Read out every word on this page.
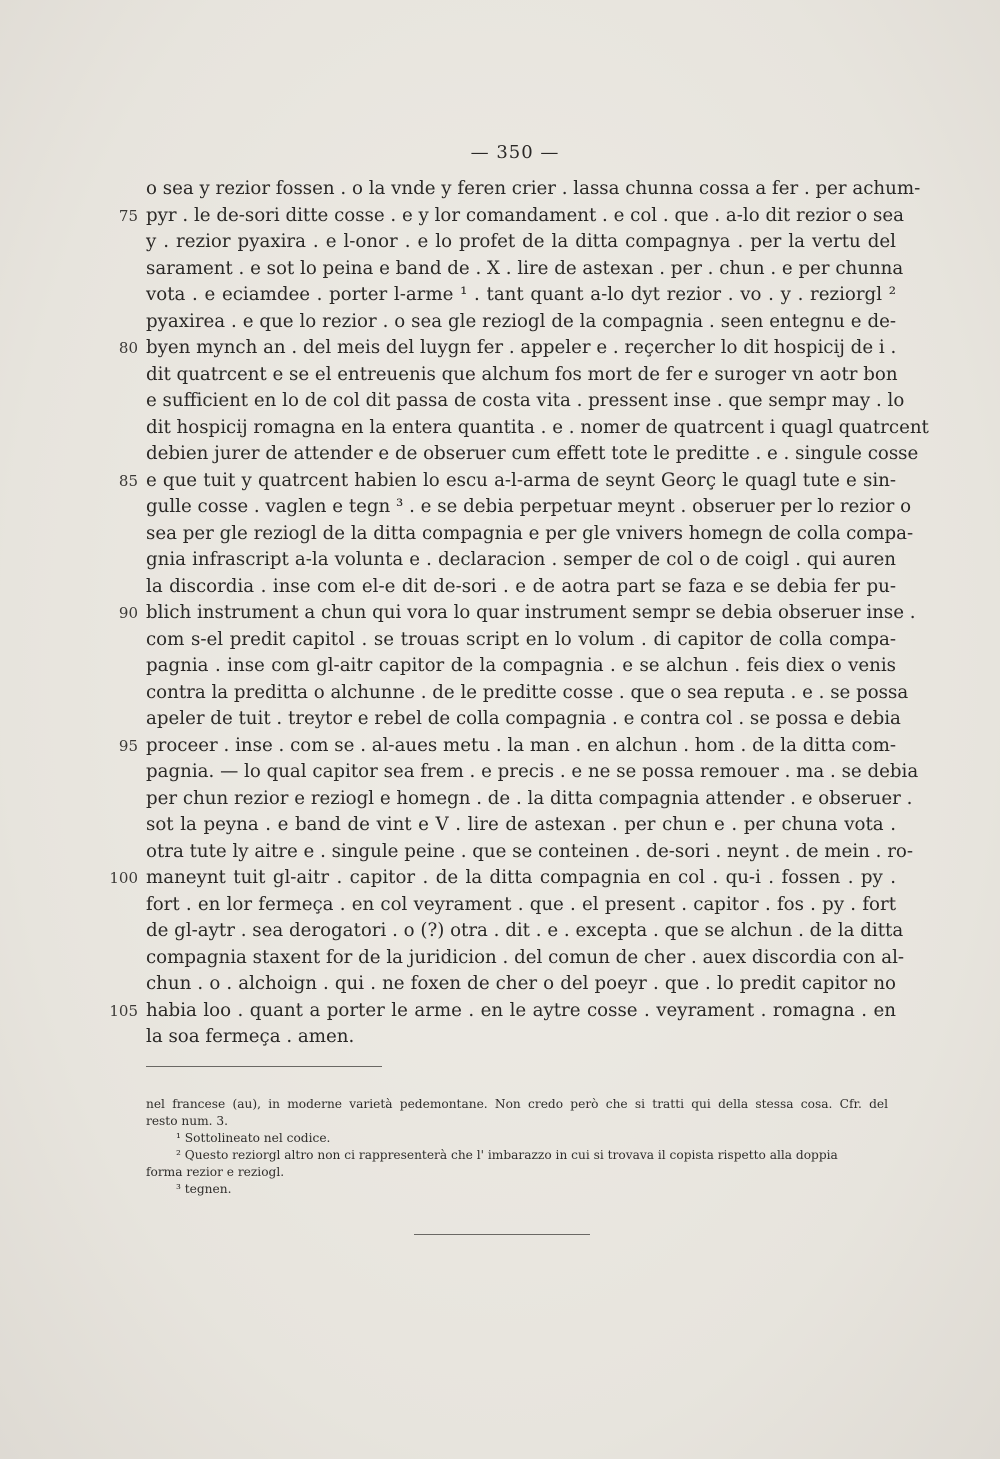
— 350 —
o sea y rezior fossen . o la vnde y feren crier . lassa chunna cossa a fer . per achum-
75 pyr . le de-sori ditte cosse . e y lor comandament . e col . que . a-lo dit rezior o sea
y . rezior pyaxira . e l-onor . e lo profet de la ditta compagnya . per la vertu del
sarament . e sot lo peina e band de . X . lire de astexan . per . chun . e per chunna
vota . e eciamdee . porter l-arme ¹ . tant quant a-lo dyt rezior . vo . y . reziorgl ²
pyaxirea . e que lo rezior . o sea gle reziogl de la compagnia . seen entegnu e de-
80 byen mynch an . del meis del luygn fer . appeler e . reçercher lo dit hospicij de i .
dit quatrcent e se el entreuenis que alchum fos mort de fer e suroger vn aotr bon
e sufficient en lo de col dit passa de costa vita . pressent inse . que sempr may . lo
dit hospicij romagna en la entera quantita . e . nomer de quatrcent i quagl quatrcent
debien jurer de attender e de obseruer cum effett tote le preditte . e . singule cosse
85 e que tuit y quatrcent habien lo escu a-l-arma de seynt Georç le quagl tute e sin-
gulle cosse . vaglen e tegn ³ . e se debia perpetuar meynt . obseruer per lo rezior o
sea per gle reziogl de la ditta compagnia e per gle vnivers homegn de colla compa-
gnia infrascript a-la volunta e . declaracion . semper de col o de coigl . qui auren
la discordia . inse com el-e dit de-sori . e de aotra part se faza e se debia fer pu-
90 blich instrument a chun qui vora lo quar instrument sempr se debia obseruer inse .
com s-el predit capitol . se trouas script en lo volum . di capitor de colla compa-
pagnia . inse com gl-aitr capitor de la compagnia . e se alchun . feis diex o venis
contra la preditta o alchunne . de le preditte cosse . que o sea reputa . e . se possa
apeler de tuit . treytor e rebel de colla compagnia . e contra col . se possa e debia
95 proceer . inse . com se . al-aues metu . la man . en alchun . hom . de la ditta com-
pagnia. — lo qual capitor sea frem . e precis . e ne se possa remouer . ma . se debia
per chun rezior e reziogl e homegn . de . la ditta compagnia attender . e obseruer .
sot la peyna . e band de vint e V . lire de astexan . per chun e . per chuna vota .
otra tute ly aitre e . singule peine . que se conteinen . de-sori . neynt . de mein . ro-
100 maneynt tuit gl-aitr . capitor . de la ditta compagnia en col . qu-i . fossen . py .
fort . en lor fermeça . en col veyrament . que . el present . capitor . fos . py . fort
de gl-aytr . sea derogatori . o (?) otra . dit . e . excepta . que se alchun . de la ditta
compagnia staxent for de la juridicion . del comun de cher . auex discordia con al-
chun . o . alchoign . qui . ne foxen de cher o del poeyr . que . lo predit capitor no
105 habia loo . quant a porter le arme . en le aytre cosse . veyrament . romagna . en
la soa fermeça . amen.
nel francese (au), in moderne varietà pedemontane. Non credo però che si tratti qui della stessa cosa. Cfr. del
resto num. 3.
¹ Sottolineato nel codice.
² Questo reziorgl altro non ci rappresenterà che l' imbarazzo in cui si trovava il copista rispetto alla doppia
forma rezior e reziogl.
³ tegnen.
